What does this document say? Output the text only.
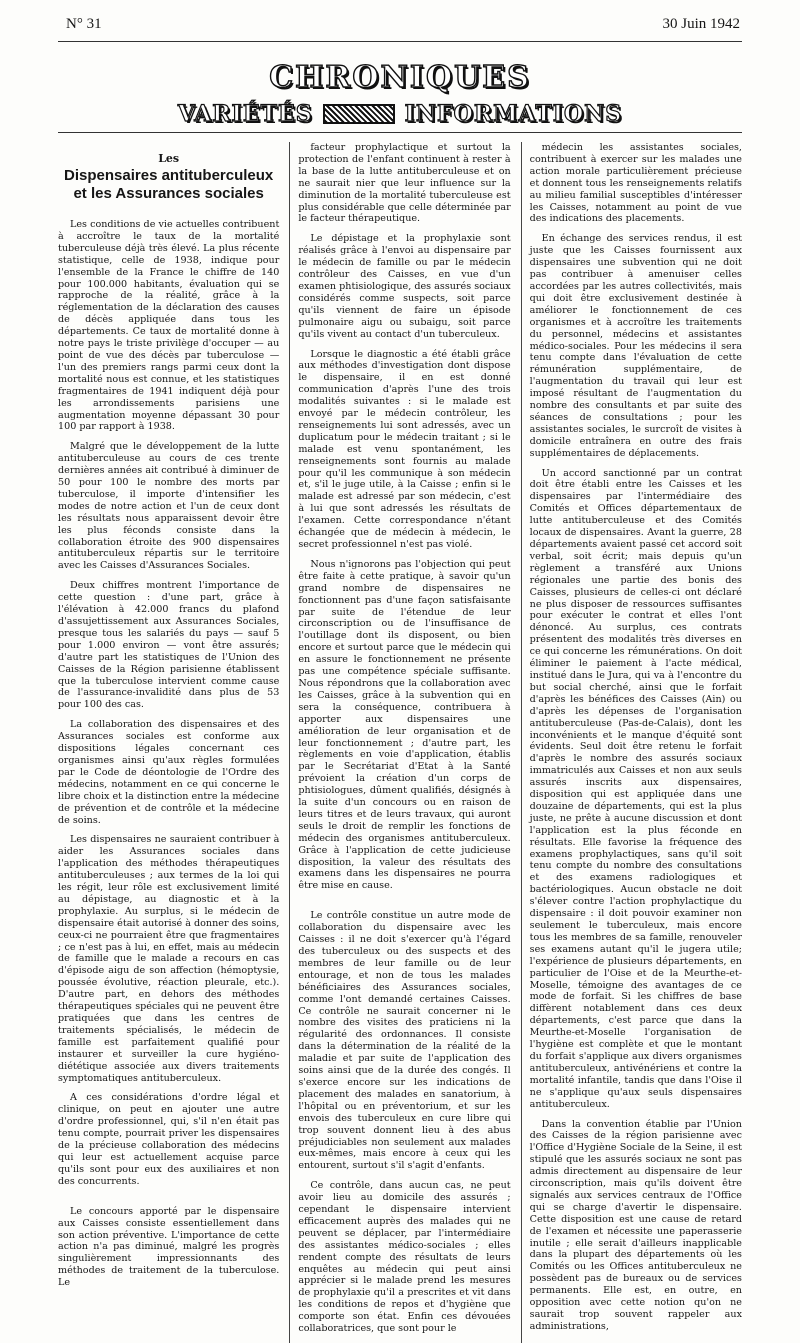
N° 31	30 Juin 1942
CHRONIQUES
VARIÉTÉS	INFORMATIONS
Les
Dispensaires antituberculeux
et les Assurances sociales

Les conditions de vie actuelles contribuent à accroître le taux de la mortalité tuberculeuse déjà très élevé. La plus récente statistique, celle de 1938, indique pour l'ensemble de la France le chiffre de 140 pour 100.000 habitants, évaluation qui se rapproche de la réalité, grâce à la réglementation de la déclaration des causes de décès appliquée dans tous les départements. Ce taux de mortalité donne à notre pays le triste privilège d'occuper — au point de vue des décès par tuberculose — l'un des premiers rangs parmi ceux dont la mortalité nous est connue, et les statistiques fragmentaires de 1941 indiquent déjà pour les arrondissements parisiens une augmentation moyenne dépassant 30 pour 100 par rapport à 1938.

Malgré que le développement de la lutte antituberculeuse au cours de ces trente dernières années ait contribué à diminuer de 50 pour 100 le nombre des morts par tuberculose, il importe d'intensifier les modes de notre action et l'un de ceux dont les résultats nous apparaissent devoir être les plus féconds consiste dans la collaboration étroite des 900 dispensaires antituberculeux répartis sur le territoire avec les Caisses d'Assurances Sociales.

Deux chiffres montrent l'importance de cette question : d'une part, grâce à l'élévation à 42.000 francs du plafond d'assujettissement aux Assurances Sociales, presque tous les salariés du pays — sauf 5 pour 1.000 environ — vont être assurés; d'autre part les statistiques de l'Union des Caisses de la Région parisienne établissent que la tuberculose intervient comme cause de l'assurance-invalidité dans plus de 53 pour 100 des cas.

La collaboration des dispensaires et des Assurances sociales est conforme aux dispositions légales concernant ces organismes ainsi qu'aux règles formulées par le Code de déontologie de l'Ordre des médecins, notamment en ce qui concerne le libre choix et la distinction entre la médecine de prévention et de contrôle et la médecine de soins.

Les dispensaires ne sauraient contribuer à aider les Assurances sociales dans l'application des méthodes thérapeutiques antituberculeuses ; aux termes de la loi qui les régit, leur rôle est exclusivement limité au dépistage, au diagnostic et à la prophylaxie. Au surplus, si le médecin de dispensaire était autorisé à donner des soins, ceux-ci ne pourraient être que fragmentaires ; ce n'est pas à lui, en effet, mais au médecin de famille que le malade a recours en cas d'épisode aigu de son affection (hémoptysie, poussée évolutive, réaction pleurale, etc.). D'autre part, en dehors des méthodes thérapeutiques spéciales qui ne peuvent être pratiquées que dans les centres de traitements spécialisés, le médecin de famille est parfaitement qualifié pour instaurer et surveiller la cure hygiéno-diététique associée aux divers traitements symptomatiques antituberculeux.

A ces considérations d'ordre légal et clinique, on peut en ajouter une autre d'ordre professionnel, qui, s'il n'en était pas tenu compte, pourrait priver les dispensaires de la précieuse collaboration des médecins qui leur est actuellement acquise parce qu'ils sont pour eux des auxiliaires et non des concurrents.

Le concours apporté par le dispensaire aux Caisses consiste essentiellement dans son action préventive. L'importance de cette action n'a pas diminué, malgré les progrès singulièrement impressionnants des méthodes de traitement de la tuberculose. Le

facteur prophylactique et surtout la protection de l'enfant continuent à rester à la base de la lutte antituberculeuse et on ne saurait nier que leur influence sur la diminution de la mortalité tuberculeuse est plus considérable que celle déterminée par le facteur thérapeutique.

Le dépistage et la prophylaxie sont réalisés grâce à l'envoi au dispensaire par le médecin de famille ou par le médecin contrôleur des Caisses, en vue d'un examen phtisiologique, des assurés sociaux considérés comme suspects, soit parce qu'ils viennent de faire un épisode pulmonaire aigu ou subaigu, soit parce qu'ils vivent au contact d'un tuberculeux.

Lorsque le diagnostic a été établi grâce aux méthodes d'investigation dont dispose le dispensaire, il en est donné communication d'après l'une des trois modalités suivantes : si le malade est envoyé par le médecin contrôleur, les renseignements lui sont adressés, avec un duplicatum pour le médecin traitant ; si le malade est venu spontanément, les renseignements sont fournis au malade pour qu'il les communique à son médecin et, s'il le juge utile, à la Caisse ; enfin si le malade est adressé par son médecin, c'est à lui que sont adressés les résultats de l'examen. Cette correspondance n'étant échangée que de médecin à médecin, le secret professionnel n'est pas violé.

Nous n'ignorons pas l'objection qui peut être faite à cette pratique, à savoir qu'un grand nombre de dispensaires ne fonctionnent pas d'une façon satisfaisante par suite de l'étendue de leur circonscription ou de l'insuffisance de l'outillage dont ils disposent, ou bien encore et surtout parce que le médecin qui en assure le fonctionnement ne présente pas une compétence spéciale suffisante. Nous répondrons que la collaboration avec les Caisses, grâce à la subvention qui en sera la conséquence, contribuera à apporter aux dispensaires une amélioration de leur organisation et de leur fonctionnement ; d'autre part, les règlements en voie d'application, établis par le Secrétariat d'Etat à la Santé prévoient la création d'un corps de phtisiologues, dûment qualifiés, désignés à la suite d'un concours ou en raison de leurs titres et de leurs travaux, qui auront seuls le droit de remplir les fonctions de médecin des organismes antituberculeux. Grâce à l'application de cette judicieuse disposition, la valeur des résultats des examens dans les dispensaires ne pourra être mise en cause.

Le contrôle constitue un autre mode de collaboration du dispensaire avec les Caisses : il ne doit s'exercer qu'à l'égard des tuberculeux ou des suspects et des membres de leur famille ou de leur entourage, et non de tous les malades bénéficiaires des Assurances sociales, comme l'ont demandé certaines Caisses. Ce contrôle ne saurait concerner ni le nombre des visites des praticiens ni la régularité des ordonnances. Il consiste dans la détermination de la réalité de la maladie et par suite de l'application des soins ainsi que de la durée des congés. Il s'exerce encore sur les indications de placement des malades en sanatorium, à l'hôpital ou en préventorium, et sur les envois des tuberculeux en cure libre qui trop souvent donnent lieu à des abus préjudiciables non seulement aux malades eux-mêmes, mais encore à ceux qui les entourent, surtout s'il s'agit d'enfants.

Ce contrôle, dans aucun cas, ne peut avoir lieu au domicile des assurés ; cependant le dispensaire intervient efficacement auprès des malades qui ne peuvent se déplacer, par l'intermédiaire des assistantes médico-sociales ; elles rendent compte des résultats de leurs enquêtes au médecin qui peut ainsi apprécier si le malade prend les mesures de prophylaxie qu'il a prescrites et vit dans les conditions de repos et d'hygiène que comporte son état. Enfin ces dévouées collaboratrices, que sont pour le

médecin les assistantes sociales, contribuent à exercer sur les malades une action morale particulièrement précieuse et donnent tous les renseignements relatifs au milieu familial susceptibles d'intéresser les Caisses, notamment au point de vue des indications des placements.

En échange des services rendus, il est juste que les Caisses fournissent aux dispensaires une subvention qui ne doit pas contribuer à amenuiser celles accordées par les autres collectivités, mais qui doit être exclusivement destinée à améliorer le fonctionnement de ces organismes et à accroître les traitements du personnel, médecins et assistantes médico-sociales. Pour les médecins il sera tenu compte dans l'évaluation de cette rémunération supplémentaire, de l'augmentation du travail qui leur est imposé résultant de l'augmentation du nombre des consultants et par suite des séances de consultations ; pour les assistantes sociales, le surcroît de visites à domicile entraînera en outre des frais supplémentaires de déplacements.

Un accord sanctionné par un contrat doit être établi entre les Caisses et les dispensaires par l'intermédiaire des Comités et Offices départementaux de lutte antituberculeuse et des Comités locaux de dispensaires. Avant la guerre, 28 départements avaient passé cet accord soit verbal, soit écrit; mais depuis qu'un règlement a transféré aux Unions régionales une partie des bonis des Caisses, plusieurs de celles-ci ont déclaré ne plus disposer de ressources suffisantes pour exécuter le contrat et elles l'ont dénoncé. Au surplus, ces contrats présentent des modalités très diverses en ce qui concerne les rémunérations. On doit éliminer le paiement à l'acte médical, institué dans le Jura, qui va à l'encontre du but social cherché, ainsi que le forfait d'après les bénéfices des Caisses (Ain) ou d'après les dépenses de l'organisation antituberculeuse (Pas-de-Calais), dont les inconvénients et le manque d'équité sont évidents. Seul doit être retenu le forfait d'après le nombre des assurés sociaux immatriculés aux Caisses et non aux seuls assurés inscrits aux dispensaires, disposition qui est appliquée dans une douzaine de départements, qui est la plus juste, ne prête à aucune discussion et dont l'application est la plus féconde en résultats. Elle favorise la fréquence des examens prophylactiques, sans qu'il soit tenu compte du nombre des consultations et des examens radiologiques et bactériologiques. Aucun obstacle ne doit s'élever contre l'action prophylactique du dispensaire : il doit pouvoir examiner non seulement le tuberculeux, mais encore tous les membres de sa famille, renouveler ses examens autant qu'il le jugera utile; l'expérience de plusieurs départements, en particulier de l'Oise et de la Meurthe-et-Moselle, témoigne des avantages de ce mode de forfait. Si les chiffres de base diffèrent notablement dans ces deux départements, c'est parce que dans la Meurthe-et-Moselle l'organisation de l'hygiène est complète et que le montant du forfait s'applique aux divers organismes antituberculeux, antivénériens et contre la mortalité infantile, tandis que dans l'Oise il ne s'applique qu'aux seuls dispensaires antituberculeux.

Dans la convention établie par l'Union des Caisses de la région parisienne avec l'Office d'Hygiène Sociale de la Seine, il est stipulé que les assurés sociaux ne sont pas admis directement au dispensaire de leur circonscription, mais qu'ils doivent être signalés aux services centraux de l'Office qui se charge d'avertir le dispensaire. Cette disposition est une cause de retard de l'examen et nécessite une paperasserie inutile ; elle serait d'ailleurs inapplicable dans la plupart des départements où les Comités ou les Offices antituberculeux ne possèdent pas de bureaux ou de services permanents. Elle est, en outre, en opposition avec cette notion qu'on ne saurait trop souvent rappeler aux administrations,
